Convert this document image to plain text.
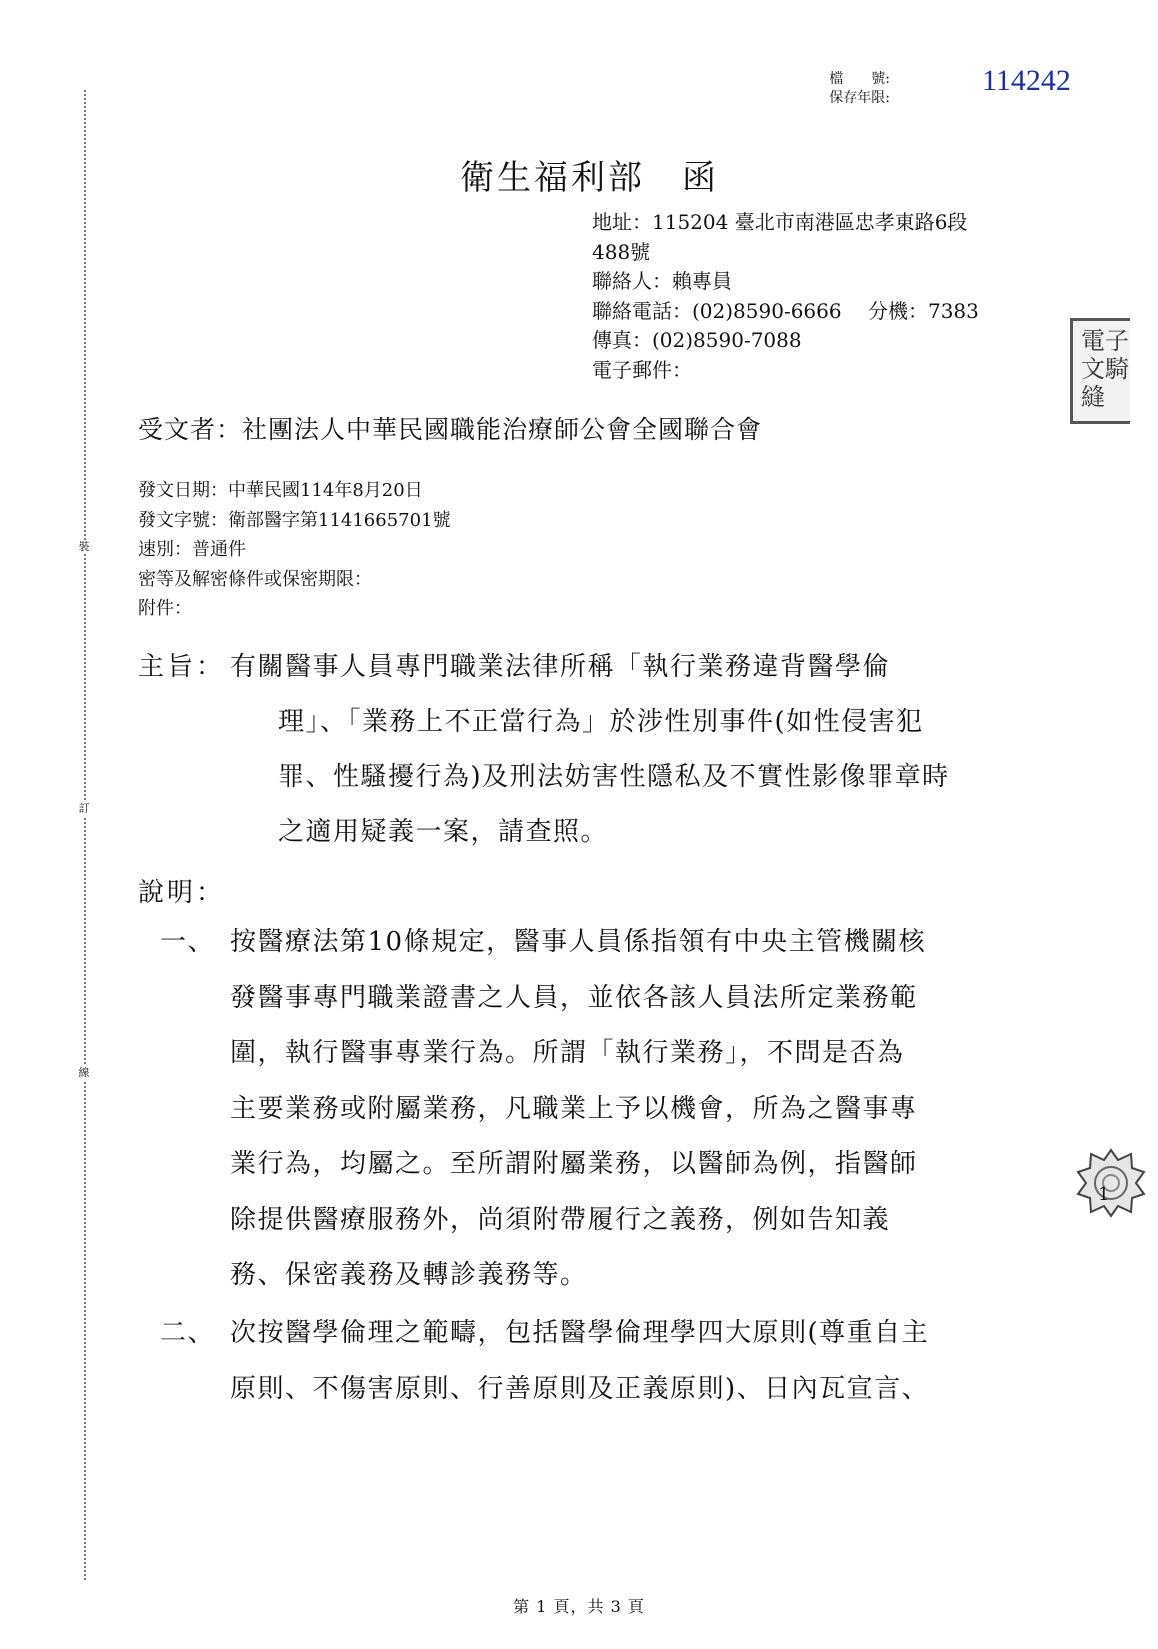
裝
訂
線
檔　　號:
保存年限:
114242
衛生福利部　函
地址：115204 臺北市南港區忠孝東路6段
488號
聯絡人：賴專員
聯絡電話：(02)8590-6666　 分機：7383
傳真：(02)8590-7088
電子郵件：
電子文騎縫
受文者：社團法人中華民國職能治療師公會全國聯合會
發文日期：中華民國114年8月20日
發文字號：衛部醫字第1141665701號
速別：普通件
密等及解密條件或保密期限：
附件：
主旨： 有關醫事人員專門職業法律所稱「執行業務違背醫學倫
理」、「業務上不正當行為」於涉性別事件(如性侵害犯
罪、性騷擾行為)及刑法妨害性隱私及不實性影像罪章時
之適用疑義一案，請查照。
說明：
一、 按醫療法第10條規定，醫事人員係指領有中央主管機關核
發醫事專門職業證書之人員，並依各該人員法所定業務範
圍，執行醫事專業行為。所謂「執行業務」，不問是否為
主要業務或附屬業務，凡職業上予以機會，所為之醫事專
業行為，均屬之。至所謂附屬業務，以醫師為例，指醫師
除提供醫療服務外，尚須附帶履行之義務，例如告知義
務、保密義務及轉診義務等。
二、 次按醫學倫理之範疇，包括醫學倫理學四大原則(尊重自主
原則、不傷害原則、行善原則及正義原則)、日內瓦宣言、
1
第 1 頁，共 3 頁
